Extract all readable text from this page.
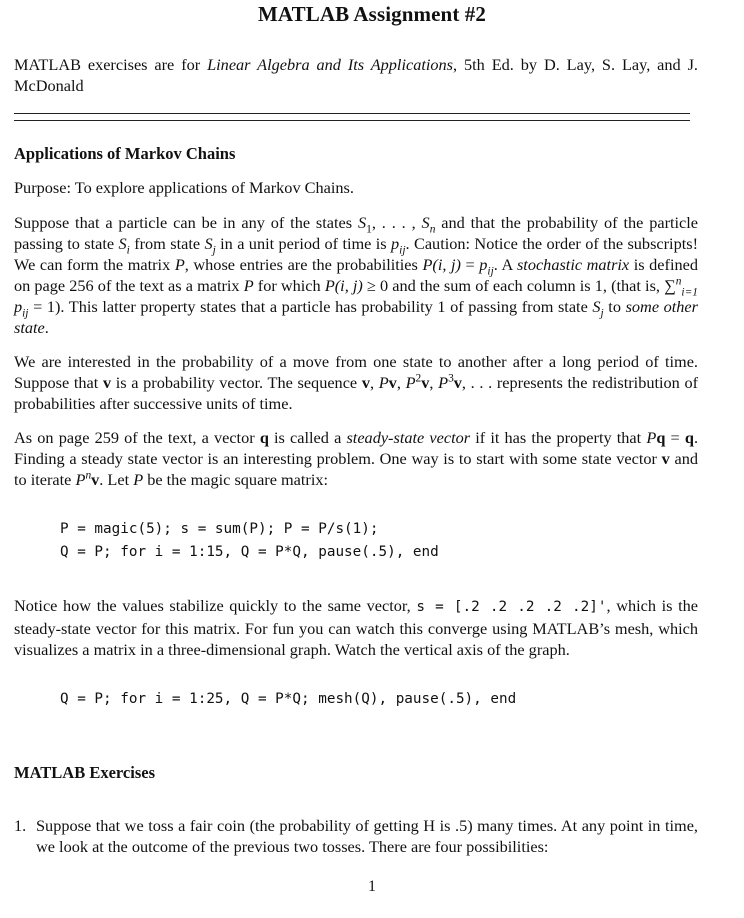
MATLAB Assignment #2
MATLAB exercises are for Linear Algebra and Its Applications, 5th Ed. by D. Lay, S. Lay, and J. McDonald
Applications of Markov Chains
Purpose: To explore applications of Markov Chains.
Suppose that a particle can be in any of the states $S_1$, . . . , $S_n$ and that the probability of the particle passing to state $S_i$ from state $S_j$ in a unit period of time is $p_{ij}$. Caution: Notice the order of the subscripts! We can form the matrix P, whose entries are the probabilities P(i, $j) = p_{ij}$. A stochastic matrix is defined on page 256 of the text as a matrix P for which P(i, j) ≥ 0 and the sum of each column is 1, (that is, ∑$^n_{i=1}$ $p_{ij} = 1$). This latter property states that a particle has probability 1 of passing from state $S_j$ to some other state.
We are interested in the probability of a move from one state to another after a long period of time. Suppose that v is a probability vector. The sequence v, Pv, $P^2v$, $P^3v$, . . . represents the redistribution of probabilities after successive units of time.
As on page 259 of the text, a vector q is called a steady-state vector if it has the property that Pq = q. Finding a steady state vector is an interesting problem. One way is to start with some state vector v and to iterate $P^nv$. Let P be the magic square matrix:
P = magic(5); s = sum(P); P = P/s(1);
Q = P; for i = 1:15, Q = P*Q, pause(.5), end
Notice how the values stabilize quickly to the same vector, s = [.2 .2 .2 .2 .2]', which is the steady-state vector for this matrix. For fun you can watch this converge using MATLAB’s mesh, which visualizes a matrix in a three-dimensional graph. Watch the vertical axis of the graph.
Q = P; for i = 1:25, Q = P*Q; mesh(Q), pause(.5), end
MATLAB Exercises
1. Suppose that we toss a fair coin (the probability of getting H is .5) many times. At any point in time, we look at the outcome of the previous two tosses. There are four possibilities:
1
